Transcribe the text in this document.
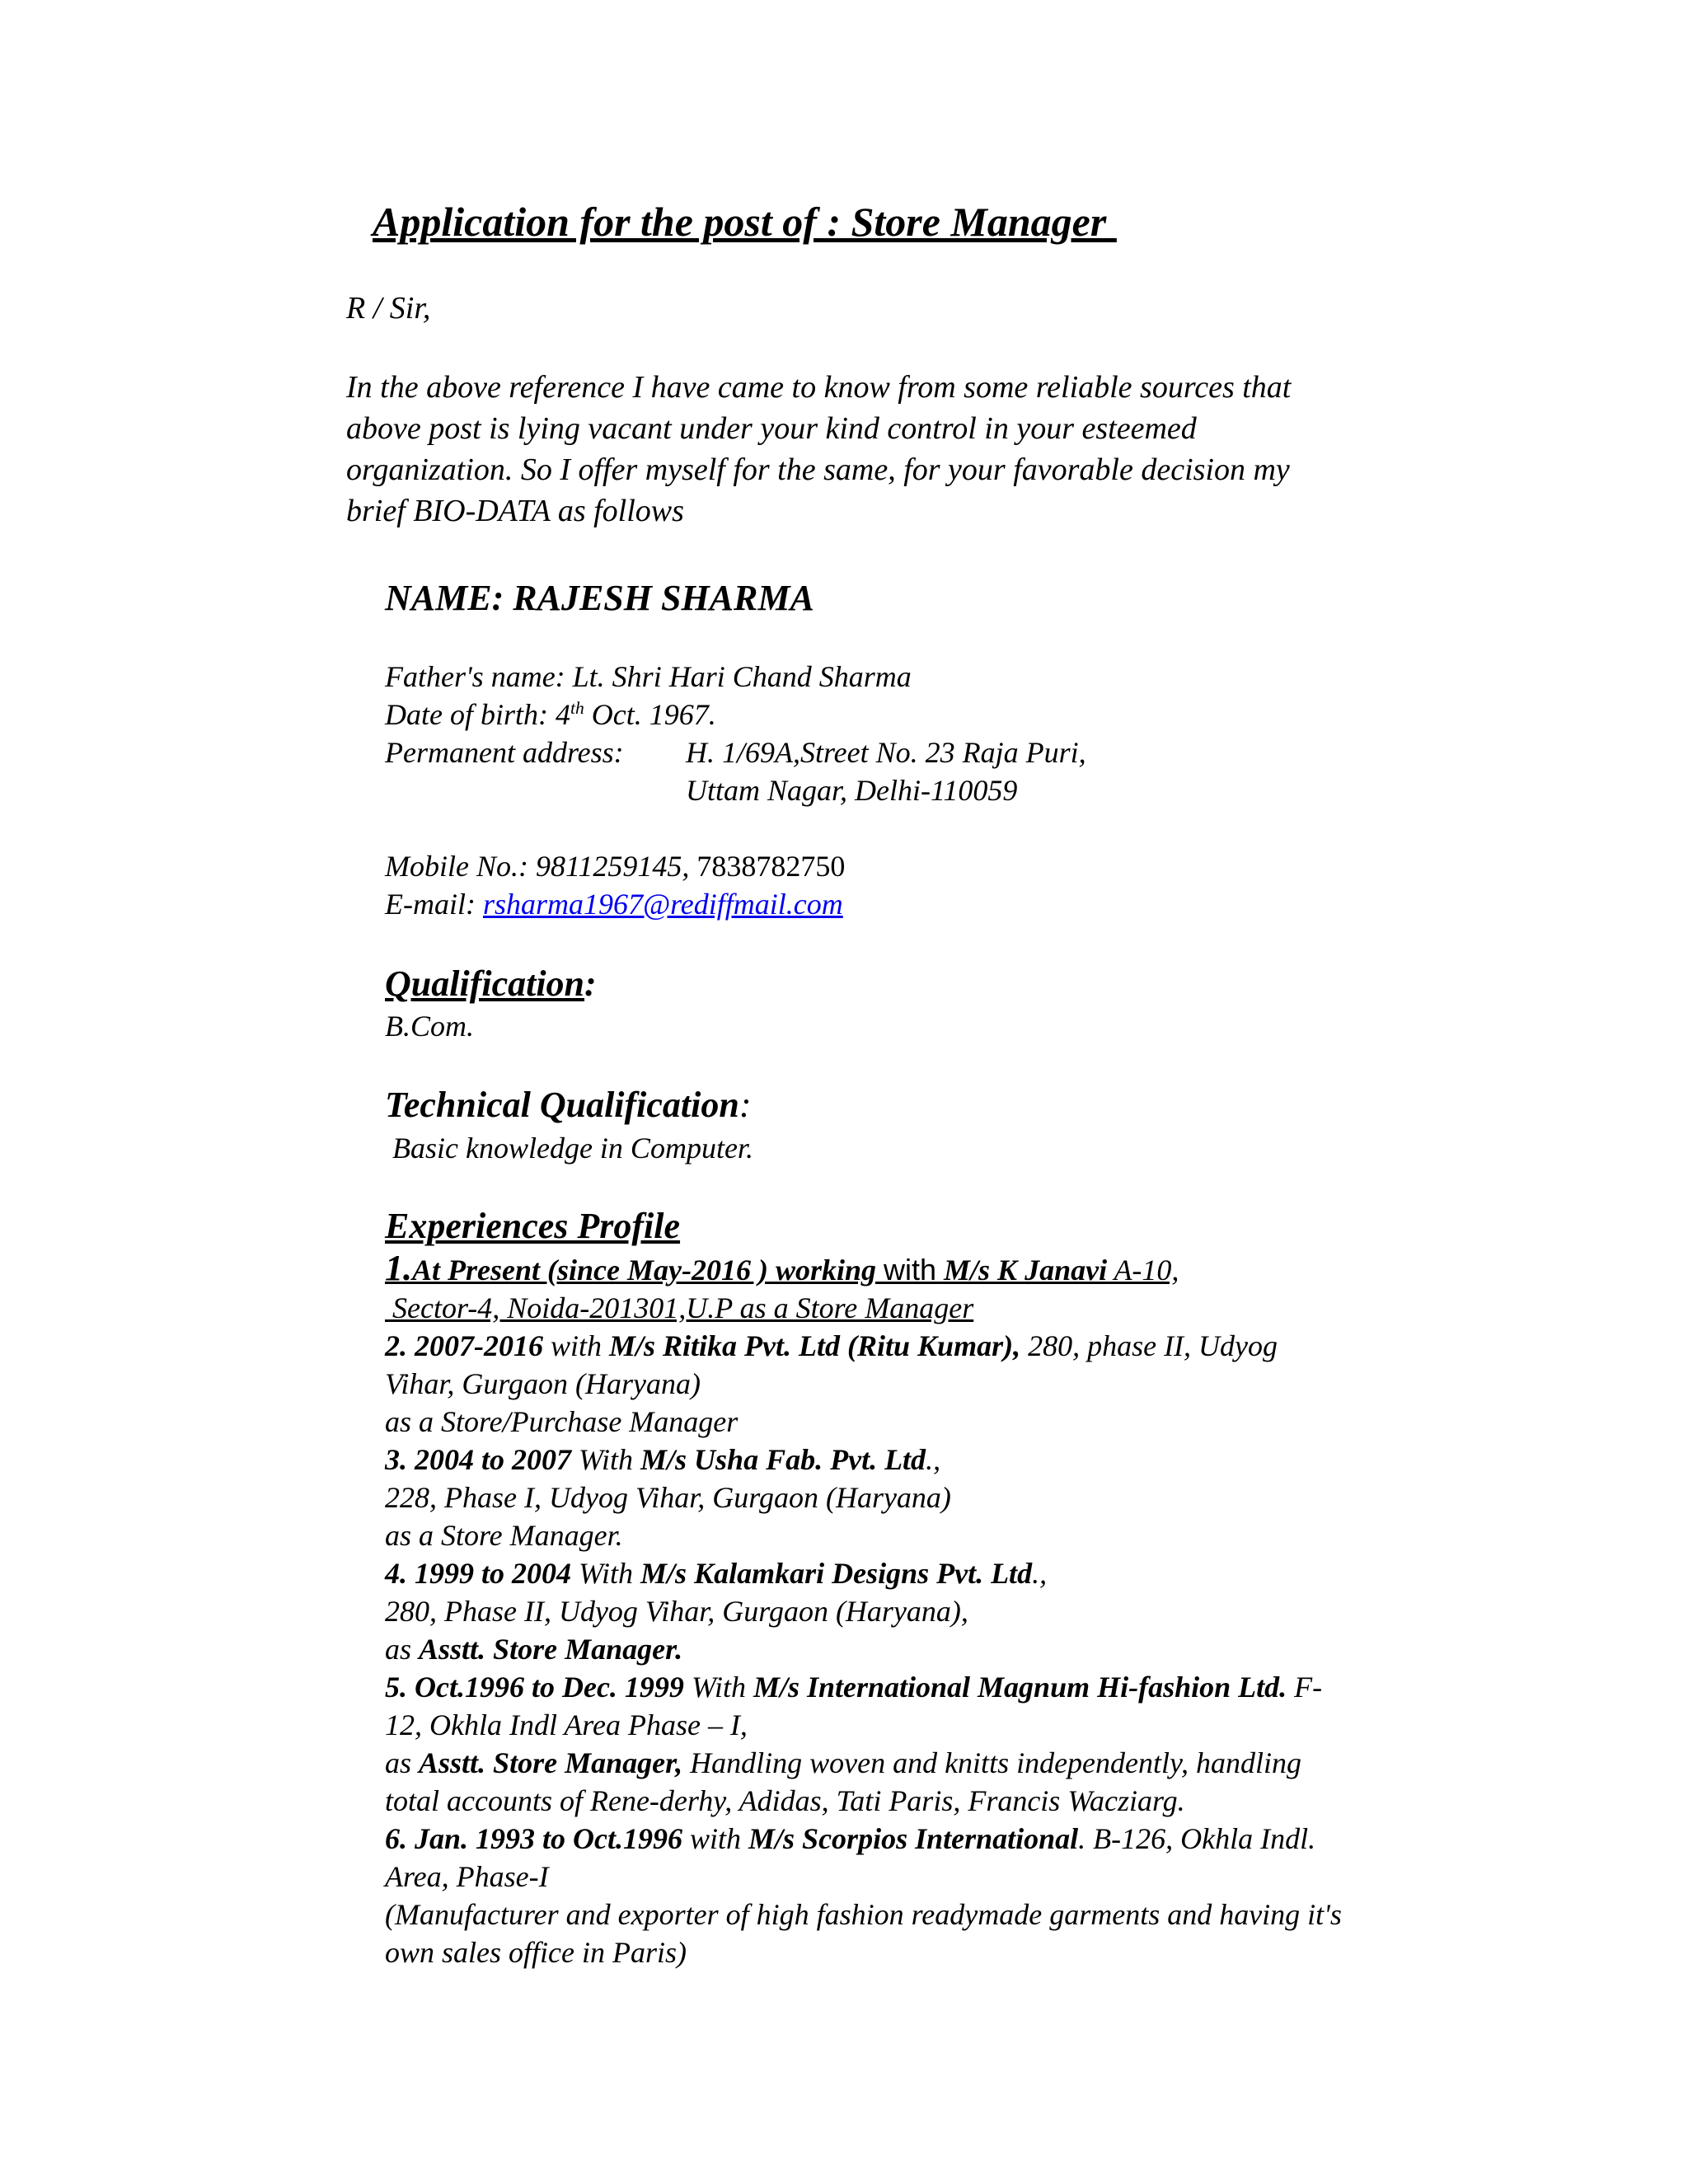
Application for the post of : Store Manager
R / Sir,
In the above reference I have came to know from some reliable sources that
above post is lying vacant under your kind control in your esteemed
organization. So I offer myself for the same, for your favorable decision my
brief BIO-DATA as follows
NAME: RAJESH SHARMA
Father's name: Lt. Shri Hari Chand Sharma
Date of birth: 4th Oct. 1967.
Permanent address:	H. 1/69A,Street No. 23 Raja Puri,
Uttam Nagar, Delhi-110059
Mobile No.: 9811259145, 7838782750
E-mail: rsharma1967@rediffmail.com
Qualification:
B.Com.
Technical Qualification:
Basic knowledge in Computer.
Experiences Profile
1.At Present (since May-2016 ) working with M/s K Janavi A-10,
Sector-4, Noida-201301,U.P as a Store Manager
2. 2007-2016 with M/s Ritika Pvt. Ltd (Ritu Kumar), 280, phase II, Udyog
Vihar, Gurgaon (Haryana)
as a Store/Purchase Manager
3. 2004 to 2007 With M/s Usha Fab. Pvt. Ltd.,
228, Phase I, Udyog Vihar, Gurgaon (Haryana)
as a Store Manager.
4. 1999 to 2004 With M/s Kalamkari Designs Pvt. Ltd.,
280, Phase II, Udyog Vihar, Gurgaon (Haryana),
as Asstt. Store Manager.
5. Oct.1996 to Dec. 1999 With M/s International Magnum Hi-fashion Ltd. F-
12, Okhla Indl Area Phase – I,
as Asstt. Store Manager, Handling woven and knitts independently, handling
total accounts of Rene-derhy, Adidas, Tati Paris, Francis Wacziarg.
6. Jan. 1993 to Oct.1996 with M/s Scorpios International. B-126, Okhla Indl.
Area, Phase-I
(Manufacturer and exporter of high fashion readymade garments and having it's
own sales office in Paris)
